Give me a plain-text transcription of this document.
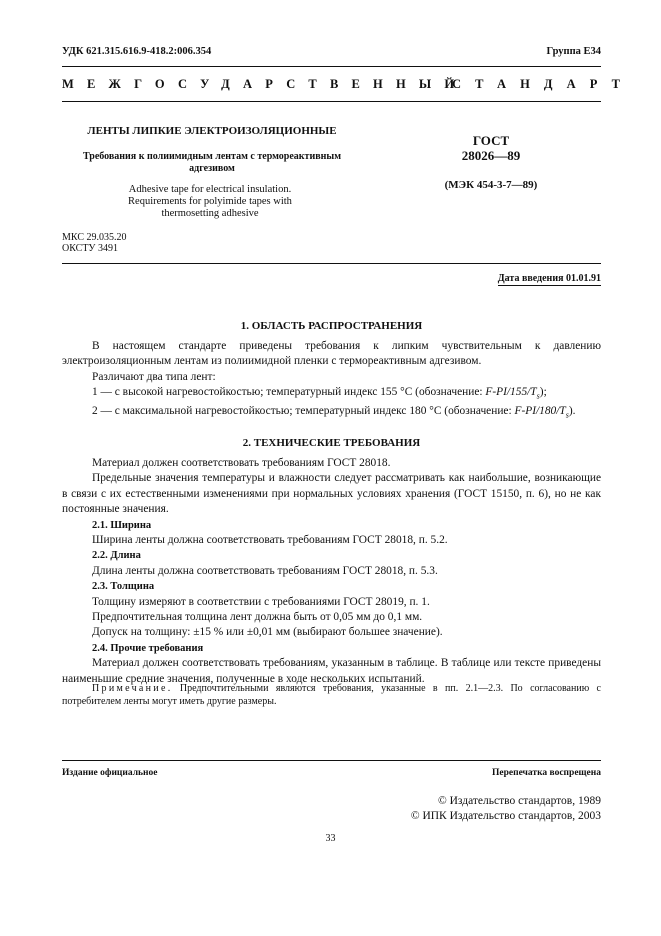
УДК 621.315.616.9-418.2:006.354	Группа Е34
МЕЖГОСУДАРСТВЕННЫЙ
СТАНДАРТ
ЛЕНТЫ ЛИПКИЕ ЭЛЕКТРОИЗОЛЯЦИОННЫЕ
Требования к полиимидным лентам с термореактивным адгезивом
Adhesive tape for electrical insulation.
Requirements for polyimide tapes with
thermosetting adhesive
ГОСТ
28026—89
(МЭК 454-3-7—89)
МКС 29.035.20
ОКСТУ 3491
Дата введения 01.01.91
1. ОБЛАСТЬ РАСПРОСТРАНЕНИЯ

В настоящем стандарте приведены требования к липким чувствительным к давлению электроизоляционным лентам из полиимидной пленки с термореактивным адгезивом.

Различают два типа лент:

1 — с высокой нагревостойкостью; температурный индекс 155 °С (обозначение: $F-PI/155/T_s$);

2 — с максимальной нагревостойкостью; температурный индекс 180 °С (обозначение: $F-PI/180/T_s$).

2. ТЕХНИЧЕСКИЕ ТРЕБОВАНИЯ

Материал должен соответствовать требованиям ГОСТ 28018.

Предельные значения температуры и влажности следует рассматривать как наибольшие, возникающие в связи с их естественными изменениями при нормальных условиях хранения (ГОСТ 15150, п. 6), но не как постоянные значения.

2.1. Ширина

Ширина ленты должна соответствовать требованиям ГОСТ 28018, п. 5.2.

2.2. Длина

Длина ленты должна соответствовать требованиям ГОСТ 28018, п. 5.3.

2.3. Толщина

Толщину измеряют в соответствии с требованиями ГОСТ 28019, п. 1.

Предпочтительная толщина лент должна быть от 0,05 мм до 0,1 мм.

Допуск на толщину: ±15 % или ±0,01 мм (выбирают большее значение).

2.4. Прочие требования

Материал должен соответствовать требованиям, указанным в таблице. В таблице или тексте приведены наименьшие средние значения, полученные в ходе нескольких испытаний.

Примечание. Предпочтительными являются требования, указанные в пп. 2.1—2.3. По согласованию с потребителем ленты могут иметь другие размеры.
Издание официальное	Перепечатка воспрещена
© Издательство стандартов, 1989
© ИПК Издательство стандартов, 2003
33
